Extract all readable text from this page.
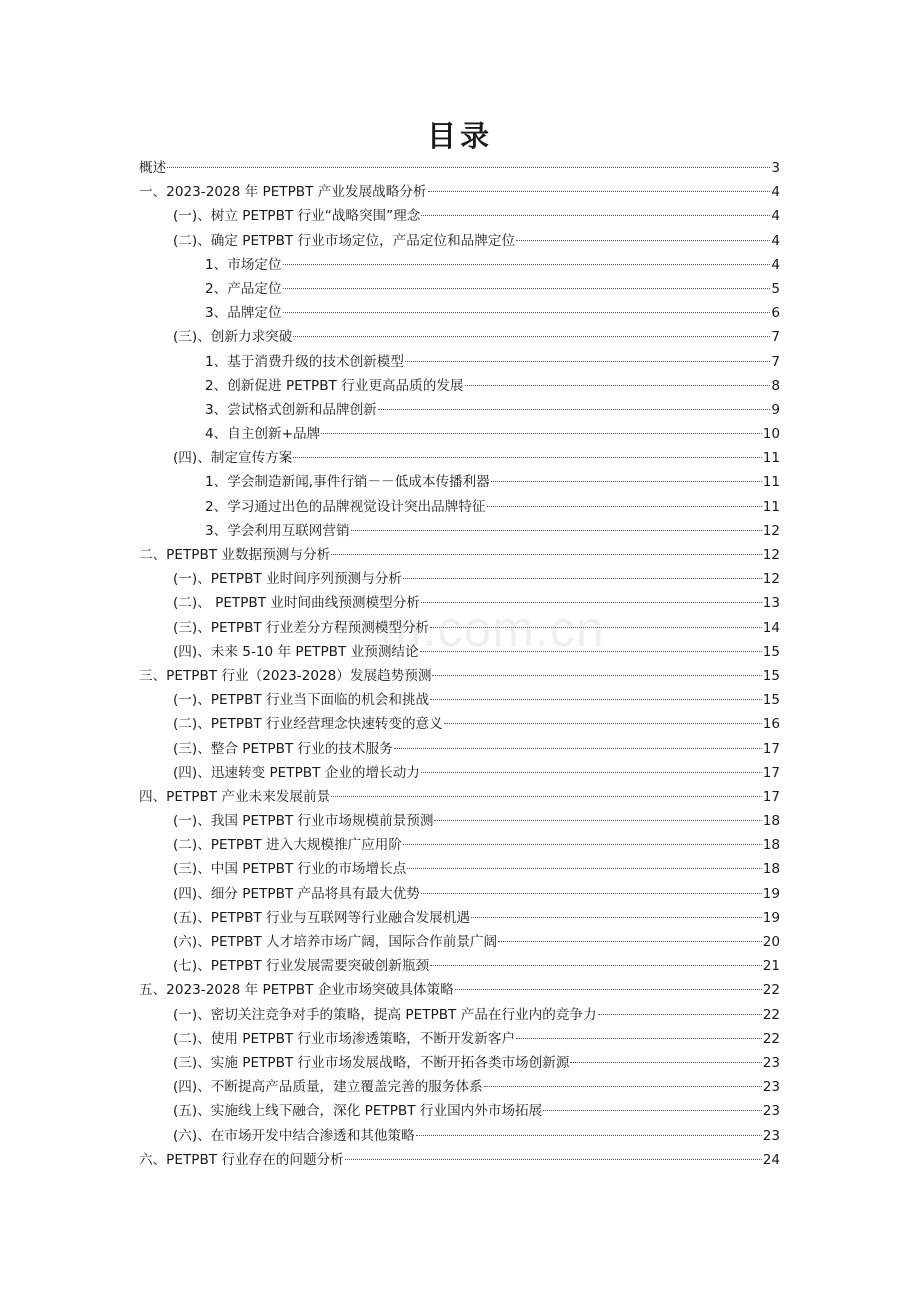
m.com.cn
目录
概述	3
一、2023-2028 年 PETPBT 产业发展战略分析	4
(一)、树立 PETPBT 行业“战略突围”理念	4
(二)、确定 PETPBT 行业市场定位，产品定位和品牌定位	4
1、市场定位	4
2、产品定位	5
3、品牌定位	6
(三)、创新力求突破	7
1、基于消费升级的技术创新模型	7
2、创新促进 PETPBT 行业更高品质的发展	8
3、尝试格式创新和品牌创新	9
4、自主创新+品牌	10
(四)、制定宣传方案	11
1、学会制造新闻,事件行销－－低成本传播利器	11
2、学习通过出色的品牌视觉设计突出品牌特征	11
3、学会利用互联网营销	12
二、PETPBT 业数据预测与分析	12
(一)、PETPBT 业时间序列预测与分析	12
(二)、 PETPBT 业时间曲线预测模型分析	13
(三)、PETPBT 行业差分方程预测模型分析	14
(四)、未来 5-10 年 PETPBT 业预测结论	15
三、PETPBT 行业（2023-2028）发展趋势预测	15
(一)、PETPBT 行业当下面临的机会和挑战	15
(二)、PETPBT 行业经营理念快速转变的意义	16
(三)、整合 PETPBT 行业的技术服务	17
(四)、迅速转变 PETPBT 企业的增长动力	17
四、PETPBT 产业未来发展前景	17
(一)、我国 PETPBT 行业市场规模前景预测	18
(二)、PETPBT 进入大规模推广应用阶	18
(三)、中国 PETPBT 行业的市场增长点	18
(四)、细分 PETPBT 产品将具有最大优势	19
(五)、PETPBT 行业与互联网等行业融合发展机遇	19
(六)、PETPBT 人才培养市场广阔，国际合作前景广阔	20
(七)、PETPBT 行业发展需要突破创新瓶颈	21
五、2023-2028 年 PETPBT 企业市场突破具体策略	22
(一)、密切关注竞争对手的策略，提高 PETPBT 产品在行业内的竞争力	22
(二)、使用 PETPBT 行业市场渗透策略，不断开发新客户	22
(三)、实施 PETPBT 行业市场发展战略，不断开拓各类市场创新源	23
(四)、不断提高产品质量，建立覆盖完善的服务体系	23
(五)、实施线上线下融合，深化 PETPBT 行业国内外市场拓展	23
(六)、在市场开发中结合渗透和其他策略	23
六、PETPBT 行业存在的问题分析	24
